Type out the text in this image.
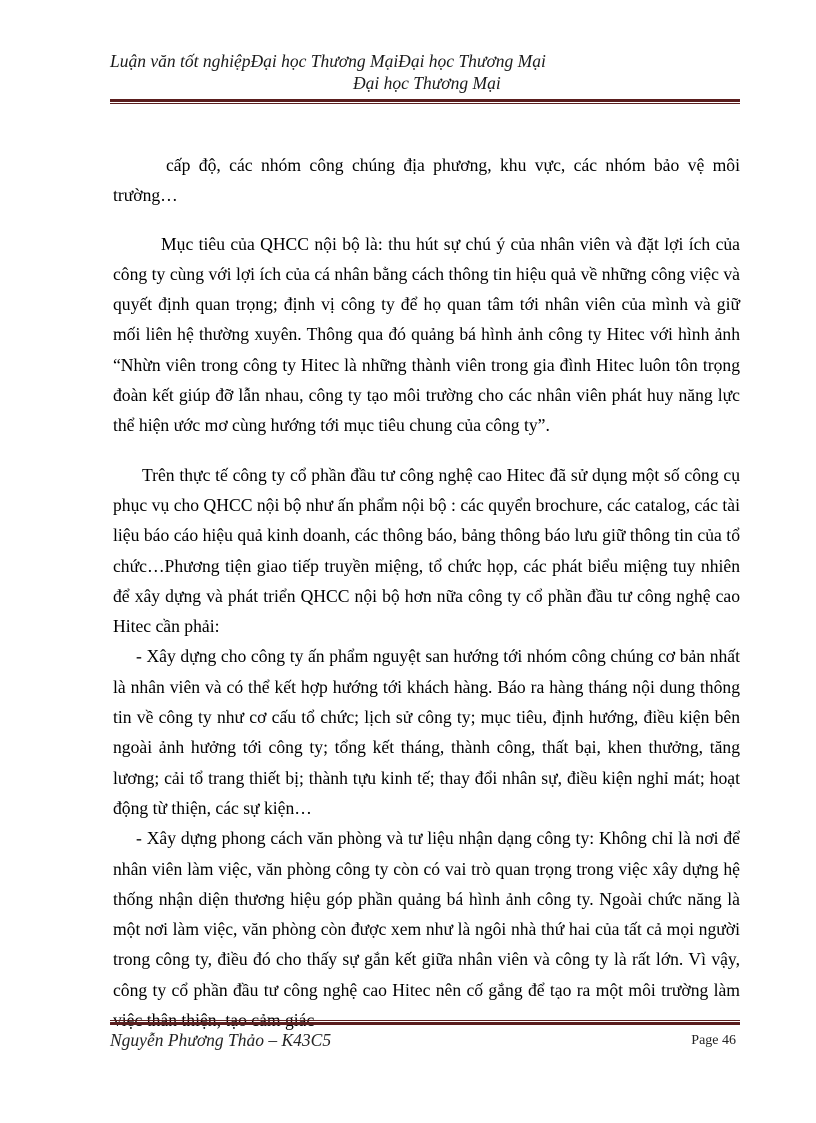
Luận văn tốt nghiệpĐại học Thương MạiĐại học Thương Mại
Đại học Thương Mại

cấp độ, các nhóm công chúng địa phương, khu vực, các nhóm bảo vệ môi trường…

Mục tiêu của QHCC nội bộ là: thu hút sự chú ý của nhân viên và đặt lợi ích của công ty cùng với lợi ích của cá nhân bằng cách thông tin hiệu quả về những công việc và quyết định quan trọng; định vị công ty để họ quan tâm tới nhân viên của mình và giữ mối liên hệ thường xuyên. Thông qua đó quảng bá hình ảnh công ty Hitec với hình ảnh “Nhừn viên trong công ty Hitec là những thành viên trong gia đình Hitec luôn tôn trọng đoàn kết giúp đỡ lẫn nhau, công ty tạo môi trường cho các nhân viên phát huy năng lực thể hiện ước mơ cùng hướng tới mục tiêu chung của công ty”.

Trên thực tế công ty cổ phần đầu tư công nghệ cao Hitec đã sử dụng một số công cụ phục vụ cho QHCC nội bộ như ấn phẩm nội bộ : các quyển brochure, các catalog, các tài liệu báo cáo hiệu quả kinh doanh, các thông báo, bảng thông báo lưu giữ thông tin của tổ chức…Phương tiện giao tiếp truyền miệng, tổ chức họp, các phát biểu miệng tuy nhiên để xây dựng và phát triển QHCC nội bộ hơn nữa công ty cổ phần đầu tư công nghệ cao Hitec cần phải:

- Xây dựng cho công ty ấn phẩm nguyệt san hướng tới nhóm công chúng cơ bản nhất là nhân viên và có thể kết hợp hướng tới khách hàng. Báo ra hàng tháng nội dung thông tin về công ty như cơ cấu tổ chức; lịch sử công ty; mục tiêu, định hướng, điều kiện bên ngoài ảnh hưởng tới công ty; tổng kết tháng, thành công, thất bại, khen thưởng, tăng lương; cải tổ trang thiết bị; thành tựu kinh tế; thay đổi nhân sự, điều kiện nghỉ mát; hoạt động từ thiện, các sự kiện…

- Xây dựng phong cách văn phòng và tư liệu nhận dạng công ty: Không chỉ là nơi để nhân viên làm việc, văn phòng công ty còn có vai trò quan trọng trong việc xây dựng hệ thống nhận diện thương hiệu góp phần quảng bá hình ảnh công ty. Ngoài chức năng là một nơi làm việc, văn phòng còn được xem như là ngôi nhà thứ hai của tất cả mọi người trong công ty, điều đó cho thấy sự gắn kết giữa nhân viên và công ty là rất lớn. Vì vậy, công ty cổ phần đầu tư công nghệ cao Hitec nên cố gắng để tạo ra một môi trường làm

Nguyễn Phương Thảo – K43C5	Page 46
